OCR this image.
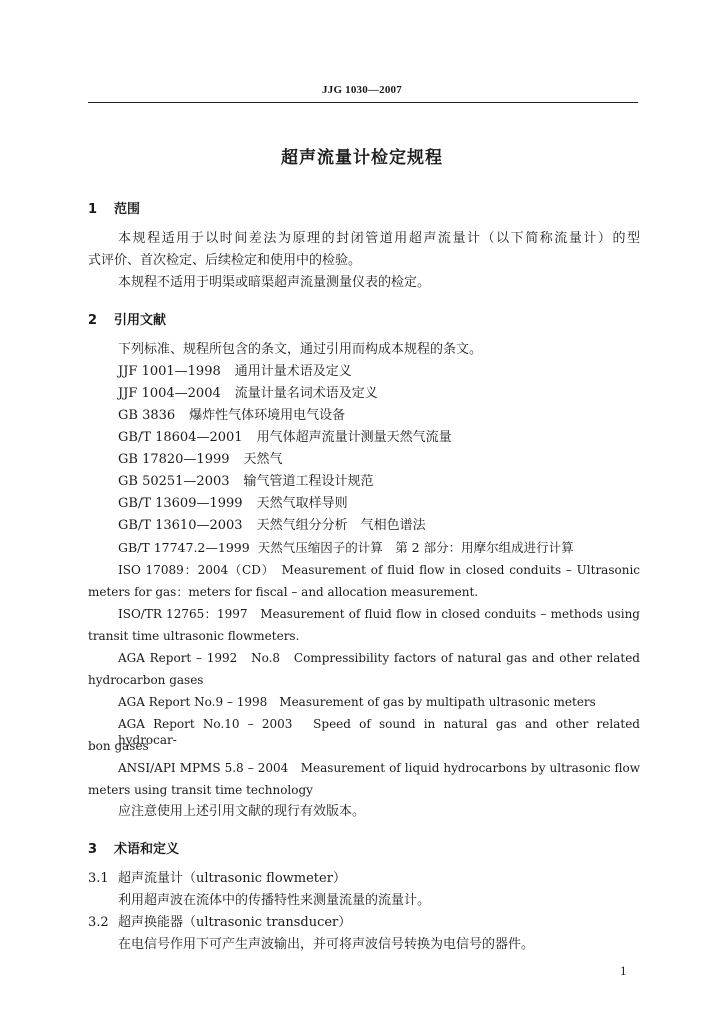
JJG 1030—2007
超声流量计检定规程
1 范围
本规程适用于以时间差法为原理的封闭管道用超声流量计（以下简称流量计）的型
式评价、首次检定、后续检定和使用中的检验。
本规程不适用于明渠或暗渠超声流量测量仪表的检定。
2 引用文献
下列标准、规程所包含的条文，通过引用而构成本规程的条文。
JJF 1001—1998 通用计量术语及定义
JJF 1004—2004 流量计量名词术语及定义
GB 3836 爆炸性气体环境用电气设备
GB/T 18604—2001 用气体超声流量计测量天然气流量
GB 17820—1999 天然气
GB 50251—2003 输气管道工程设计规范
GB/T 13609—1999 天然气取样导则
GB/T 13610—2003 天然气组分分析　气相色谱法
GB/T 17747.2—1999 天然气压缩因子的计算　第 2 部分：用摩尔组成进行计算
ISO 17089：2004（CD）　Measurement of fluid flow in closed conduits – Ultrasonic
meters for gas：meters for fiscal – and allocation measurement.
ISO/TR 12765：1997　Measurement of fluid flow in closed conduits – methods using
transit time ultrasonic flowmeters.
AGA Report – 1992　No.8　Compressibility factors of natural gas and other related
hydrocarbon gases
AGA Report No.9 – 1998　Measurement of gas by multipath ultrasonic meters
AGA Report No.10 – 2003　Speed of sound in natural gas and other related hydrocar-
bon gases
ANSI/API MPMS 5.8 – 2004　Measurement of liquid hydrocarbons by ultrasonic flow
meters using transit time technology
应注意使用上述引用文献的现行有效版本。
3 术语和定义
3.1 超声流量计（ultrasonic flowmeter）
利用超声波在流体中的传播特性来测量流量的流量计。
3.2 超声换能器（ultrasonic transducer）
在电信号作用下可产生声波输出，并可将声波信号转换为电信号的器件。
1
